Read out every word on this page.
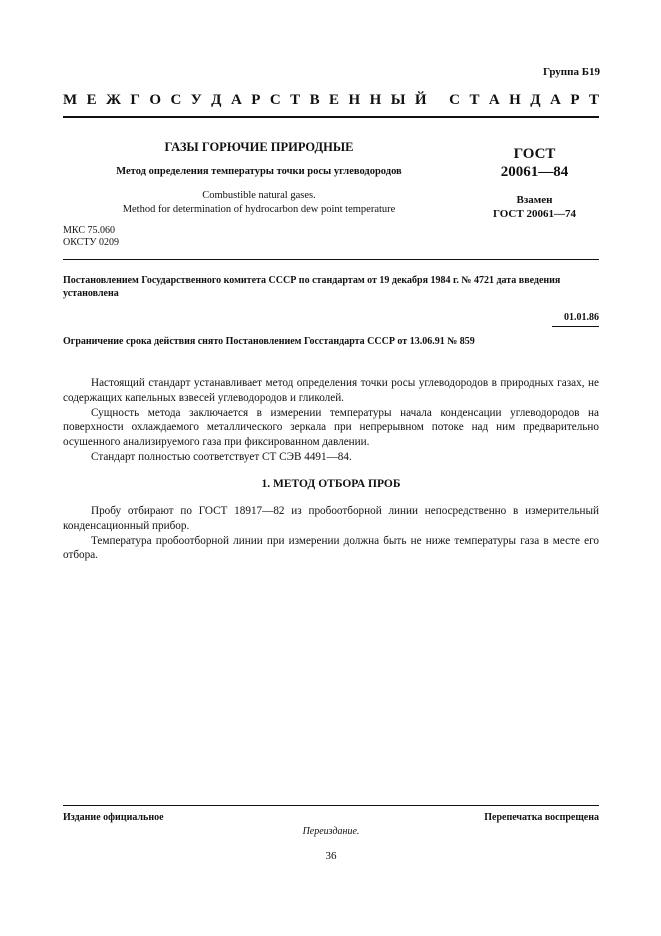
Группа Б19
М Е Ж Г О С У Д А Р С Т В Е Н Н Ы Й
С Т А Н Д А Р Т
ГАЗЫ ГОРЮЧИЕ ПРИРОДНЫЕ
Метод определения температуры точки росы углеводородов
Combustible natural gases.
Method for determination of hydrocarbon dew point temperature
ГОСТ
20061—84
Взамен
ГОСТ 20061—74
МКС 75.060
ОКСТУ 0209
Постановлением Государственного комитета СССР по стандартам от 19 декабря 1984 г. № 4721 дата введения установлена
01.01.86
Ограничение срока действия снято Постановлением Госстандарта СССР от 13.06.91 № 859

Настоящий стандарт устанавливает метод определения точки росы углеводородов в природных газах, не содержащих капельных взвесей углеводородов и гликолей.

Сущность метода заключается в измерении температуры начала конденсации углеводородов на поверхности охлаждаемого металлического зеркала при непрерывном потоке над ним предварительно осушенного анализируемого газа при фиксированном давлении.

Стандарт полностью соответствует СТ СЭВ 4491—84.

1. МЕТОД ОТБОРА ПРОБ

Пробу отбирают по ГОСТ 18917—82 из пробоотборной линии непосредственно в измерительный конденсационный прибор.

Температура пробоотборной линии при измерении должна быть не ниже температуры газа в месте его отбора.

Издание официальное	Перепечатка воспрещена
Переиздание.
36
